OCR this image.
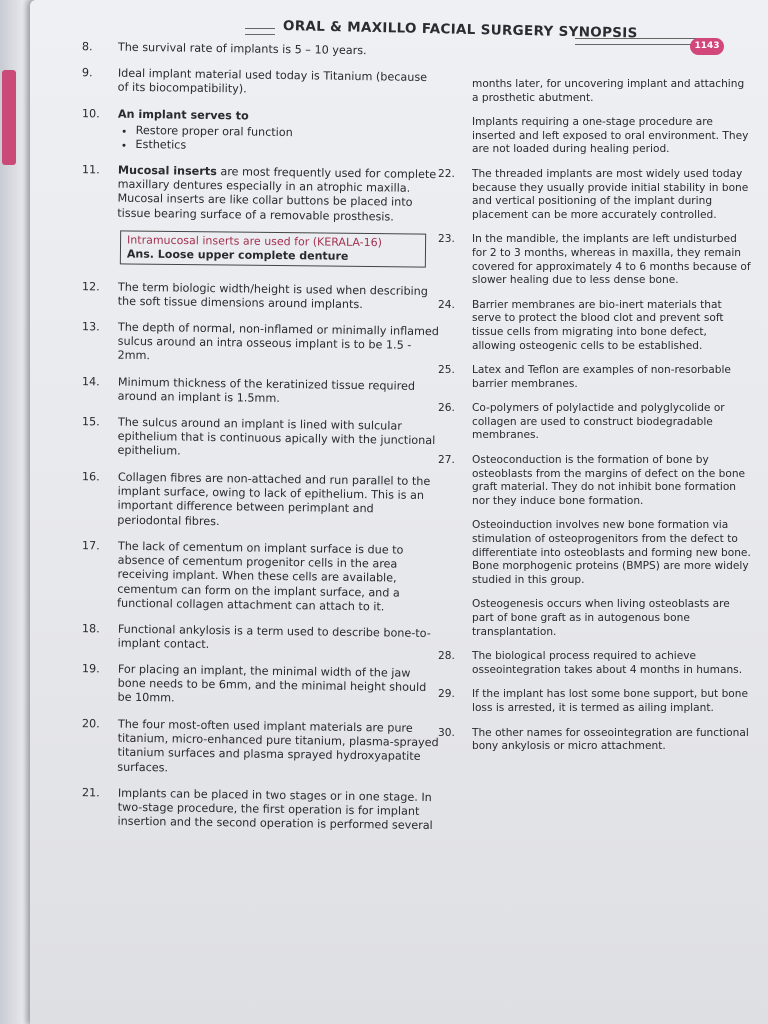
ORAL & MAXILLO FACIAL SURGERY SYNOPSIS
1143
8. The survival rate of implants is 5 – 10 years.
9. Ideal implant material used today is Titanium (because of its biocompatibility).
10. An implant serves to
• Restore proper oral function
• Esthetics
11. Mucosal inserts are most frequently used for complete maxillary dentures especially in an atrophic maxilla. Mucosal inserts are like collar buttons be placed into tissue bearing surface of a removable prosthesis.
Intramucosal inserts are used for (KERALA-16)
Ans. Loose upper complete denture
12. The term biologic width/height is used when describing the soft tissue dimensions around implants.
13. The depth of normal, non-inflamed or minimally inflamed sulcus around an intra osseous implant is to be 1.5 - 2mm.
14. Minimum thickness of the keratinized tissue required around an implant is 1.5mm.
15. The sulcus around an implant is lined with sulcular epithelium that is continuous apically with the junctional epithelium.
16. Collagen fibres are non-attached and run parallel to the implant surface, owing to lack of epithelium. This is an important difference between perimplant and periodontal fibres.
17. The lack of cementum on implant surface is due to absence of cementum progenitor cells in the area receiving implant. When these cells are available, cementum can form on the implant surface, and a functional collagen attachment can attach to it.
18. Functional ankylosis is a term used to describe bone-to-implant contact.
19. For placing an implant, the minimal width of the jaw bone needs to be 6mm, and the minimal height should be 10mm.
20. The four most-often used implant materials are pure titanium, micro-enhanced pure titanium, plasma-sprayed titanium surfaces and plasma sprayed hydroxyapatite surfaces.
21. Implants can be placed in two stages or in one stage. In two-stage procedure, the first operation is for implant insertion and the second operation is performed several
months later, for uncovering implant and attaching a prosthetic abutment.
Implants requiring a one-stage procedure are inserted and left exposed to oral environment. They are not loaded during healing period.
22. The threaded implants are most widely used today because they usually provide initial stability in bone and vertical positioning of the implant during placement can be more accurately controlled.
23. In the mandible, the implants are left undisturbed for 2 to 3 months, whereas in maxilla, they remain covered for approximately 4 to 6 months because of slower healing due to less dense bone.
24. Barrier membranes are bio-inert materials that serve to protect the blood clot and prevent soft tissue cells from migrating into bone defect, allowing osteogenic cells to be established.
25. Latex and Teflon are examples of non-resorbable barrier membranes.
26. Co-polymers of polylactide and polyglycolide or collagen are used to construct biodegradable membranes.
27. Osteoconduction is the formation of bone by osteoblasts from the margins of defect on the bone graft material. They do not inhibit bone formation nor they induce bone formation.
Osteoinduction involves new bone formation via stimulation of osteoprogenitors from the defect to differentiate into osteoblasts and forming new bone. Bone morphogenic proteins (BMPS) are more widely studied in this group.
Osteogenesis occurs when living osteoblasts are part of bone graft as in autogenous bone transplantation.
28. The biological process required to achieve osseointegration takes about 4 months in humans.
29. If the implant has lost some bone support, but bone loss is arrested, it is termed as ailing implant.
30. The other names for osseointegration are functional bony ankylosis or micro attachment.
